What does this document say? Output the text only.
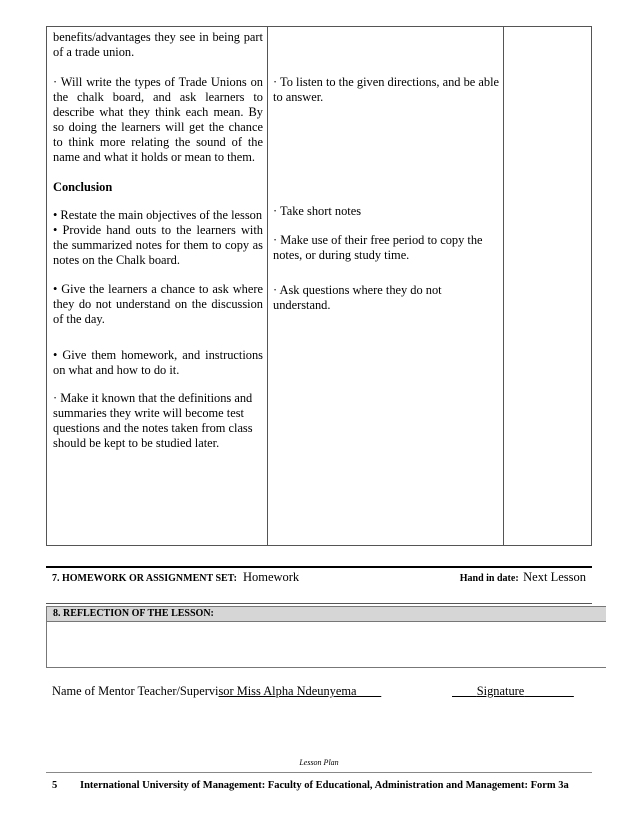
benefits/advantages they see in being part of a trade union.

· Will write the types of Trade Unions on the chalk board, and ask learners to describe what they think each mean. By so doing the learners will get the chance to think more relating the sound of the name and what it holds or mean to them.

Conclusion

• Restate the main objectives of the lesson

• Provide hand outs to the learners with the summarized notes for them to copy as notes on the Chalk board.

• Give the learners a chance to ask where they do not understand on the discussion of the day.

• Give them homework, and instructions on what and how to do it.

· Make it known that the definitions and summaries they write will become test questions and the notes taken from class should be kept to be studied later.

· To listen to the given directions, and be able to answer.

· Take short notes

· Make use of their free period to copy the notes, or during study time.

· Ask questions where they do not understand.

7. HOMEWORK OR ASSIGNMENT SET: Homework	Hand in date: Next Lesson
8. REFLECTION OF THE LESSON:
Name of Mentor Teacher/Supervisor Miss Alpha Ndeunyema	Signature
Lesson Plan
5 International University of Management: Faculty of Educational, Administration and Management: Form 3a
